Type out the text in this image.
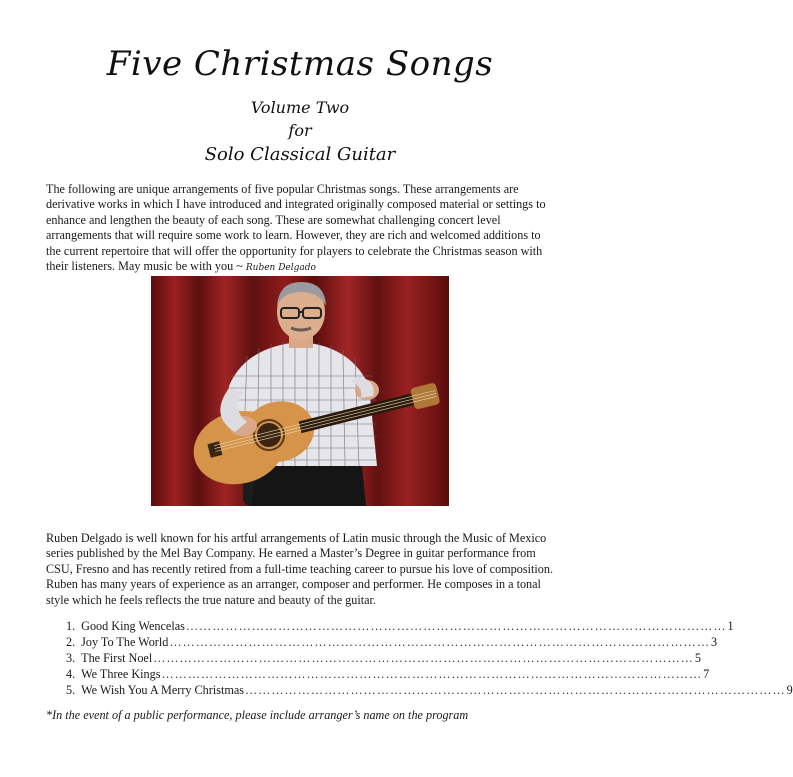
Five Christmas Songs
Volume Two
for
Solo Classical Guitar

The following are unique arrangements of five popular Christmas songs. These arrangements are derivative works in which I have introduced and integrated originally composed material or settings to enhance and lengthen the beauty of each song. These are somewhat challenging concert level arrangements that will require some work to learn. However, they are rich and welcomed additions to the current repertoire that will offer the opportunity for players to celebrate the Christmas season with their listeners. May music be with you ~ Ruben Delgado

Ruben Delgado is well known for his artful arrangements of Latin music through the Music of Mexico series published by the Mel Bay Company. He earned a Master’s Degree in guitar performance from CSU, Fresno and has recently retired from a full-time teaching career to pursue his love of composition. Ruben has many years of experience as an arranger, composer and performer. He composes in a tonal style which he feels reflects the true nature and beauty of the guitar.

1. Good King Wencelas …………………………………………………………………………………………………………… 1
2. Joy To The World …………………………………………………………………………………………………………… 3
3. The First Noel …………………………………………………………………………………………………………… 5
4. We Three Kings …………………………………………………………………………………………………………… 7
5. We Wish You A Merry Christmas …………………………………………………………………………………………………………… 9
*In the event of a public performance, please include arranger’s name on the program
